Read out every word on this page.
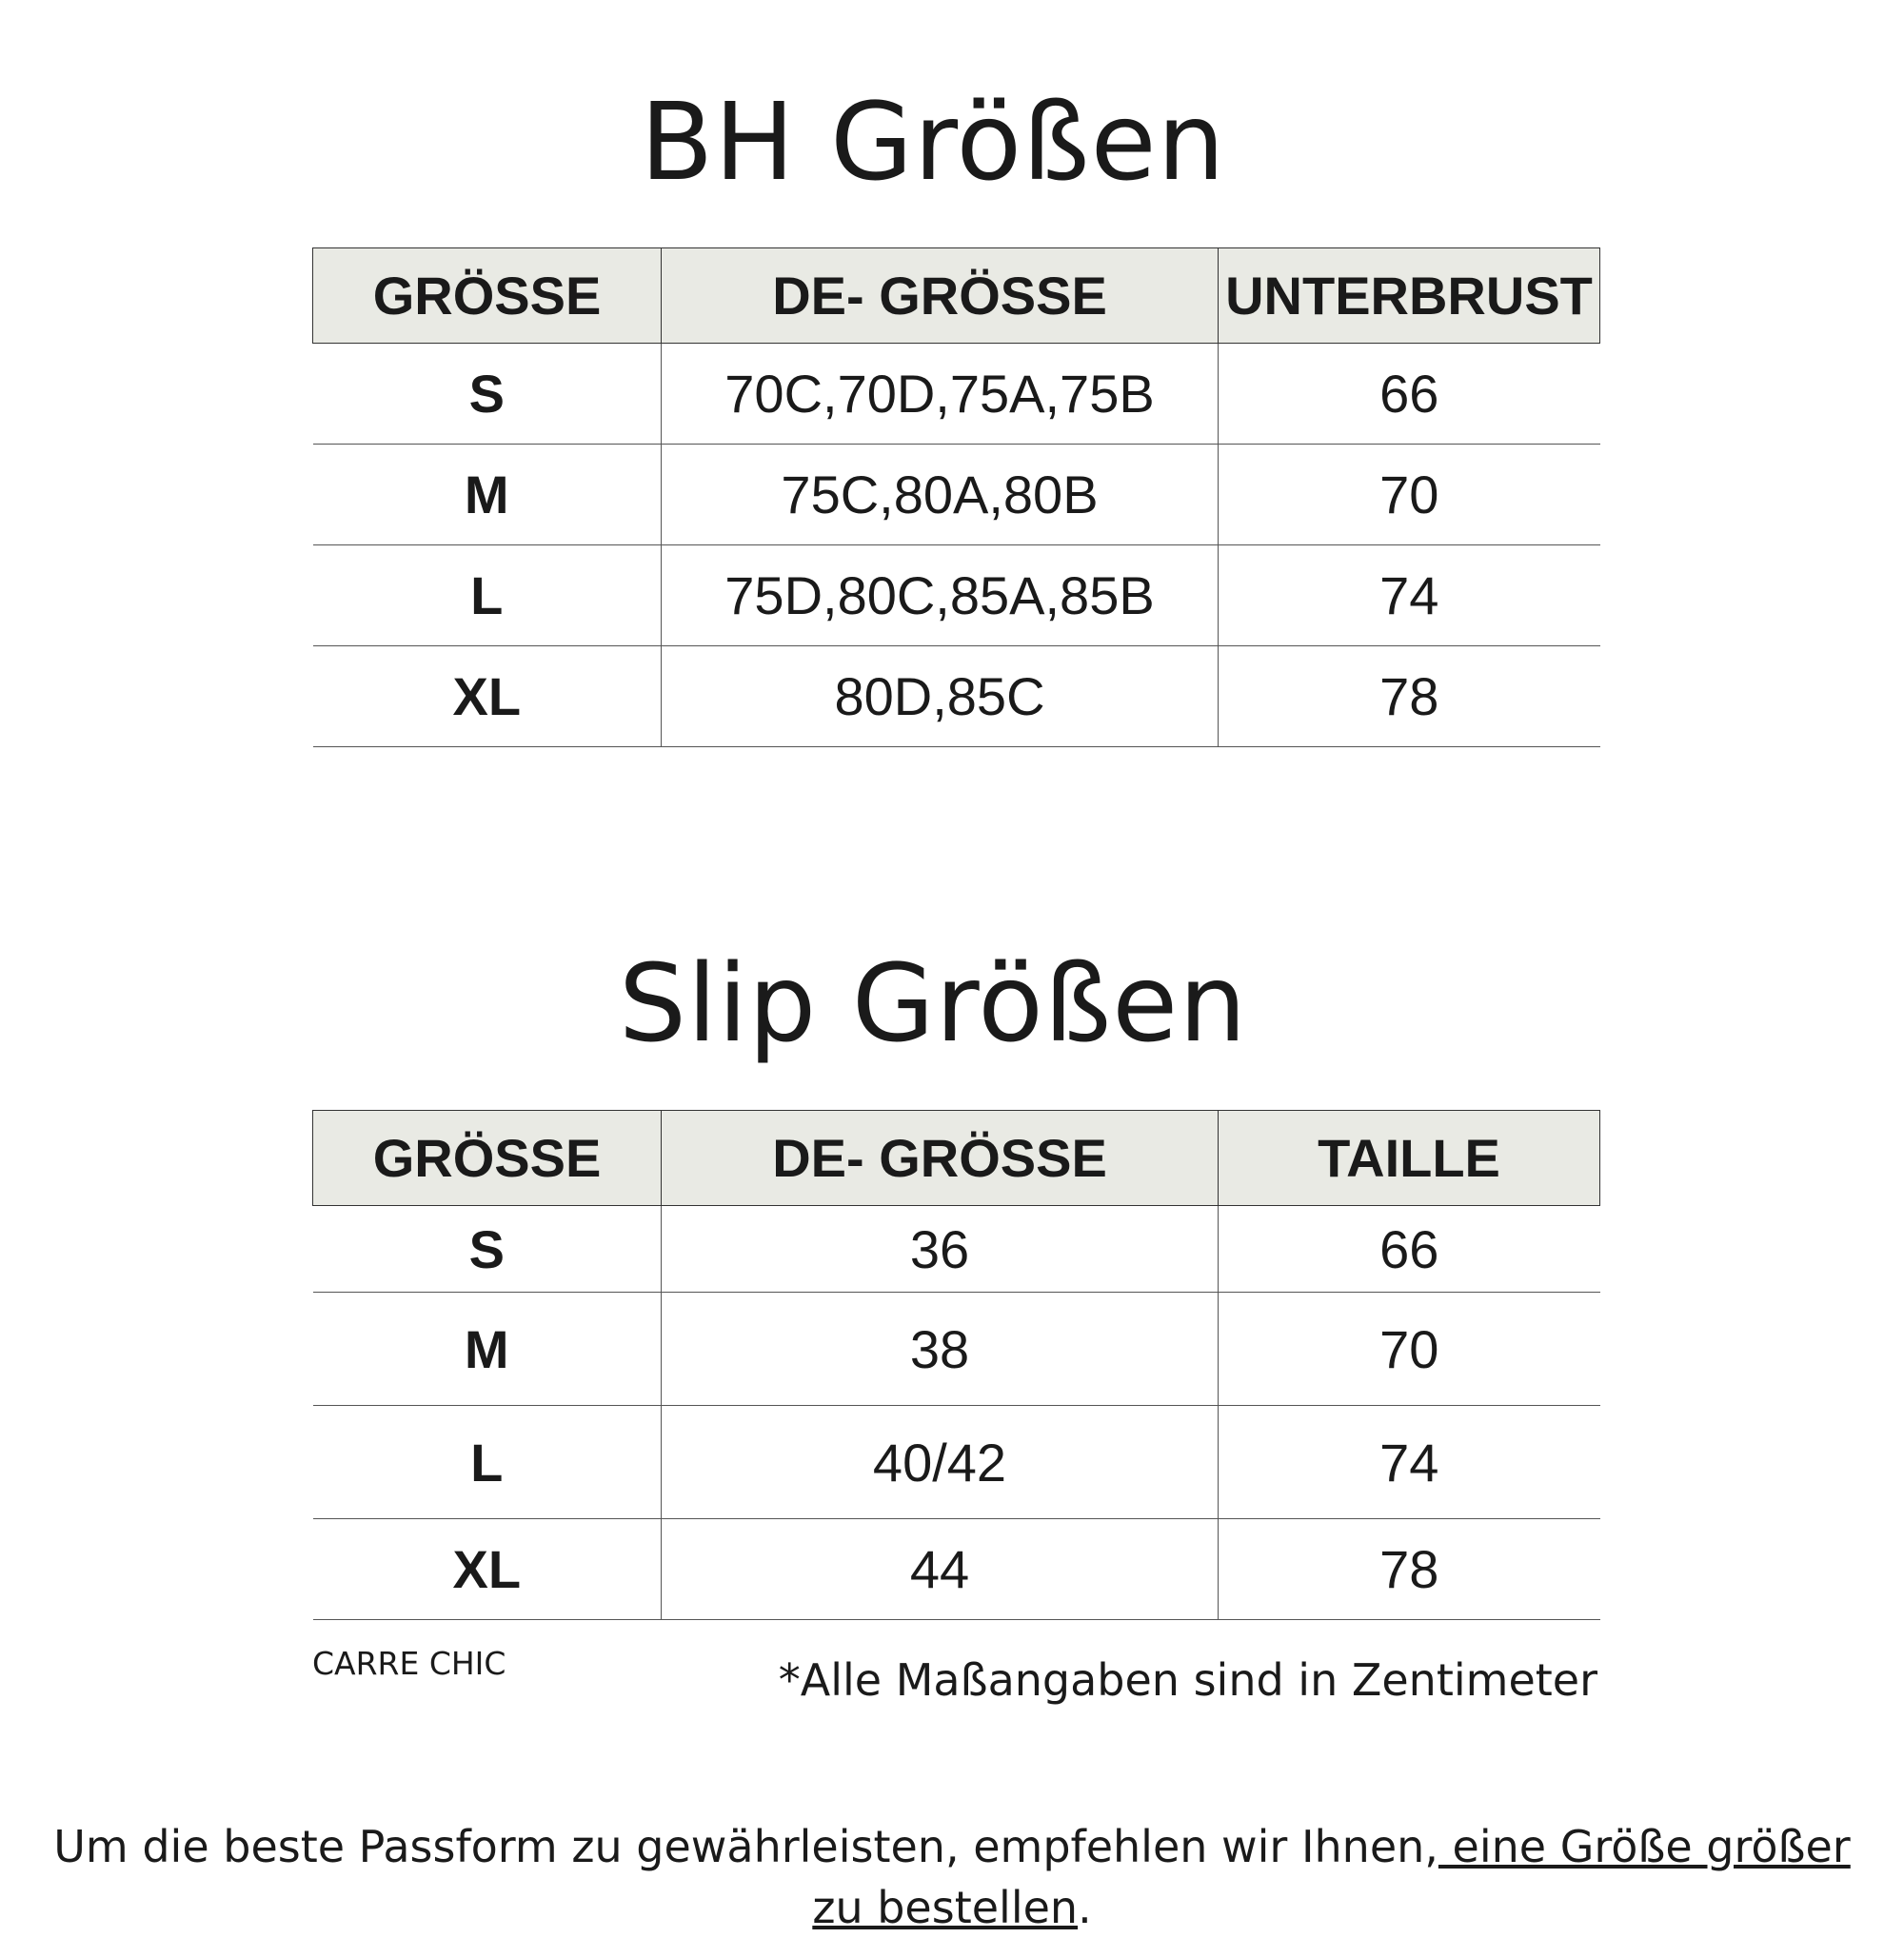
BH Größen
GRÖSSE	DE- GRÖSSE	UNTERBRUST
S	70C,70D,75A,75B	66
M	75C,80A,80B	70
L	75D,80C,85A,85B	74
XL	80D,85C	78
Slip Größen
GRÖSSE	DE- GRÖSSE	TAILLE
S	36	66
M	38	70
L	40/42	74
XL	44	78
CARRE CHIC	*Alle Maßangaben sind in Zentimeter

Um die beste Passform zu gewährleisten, empfehlen wir Ihnen, eine Größe größer zu bestellen.
